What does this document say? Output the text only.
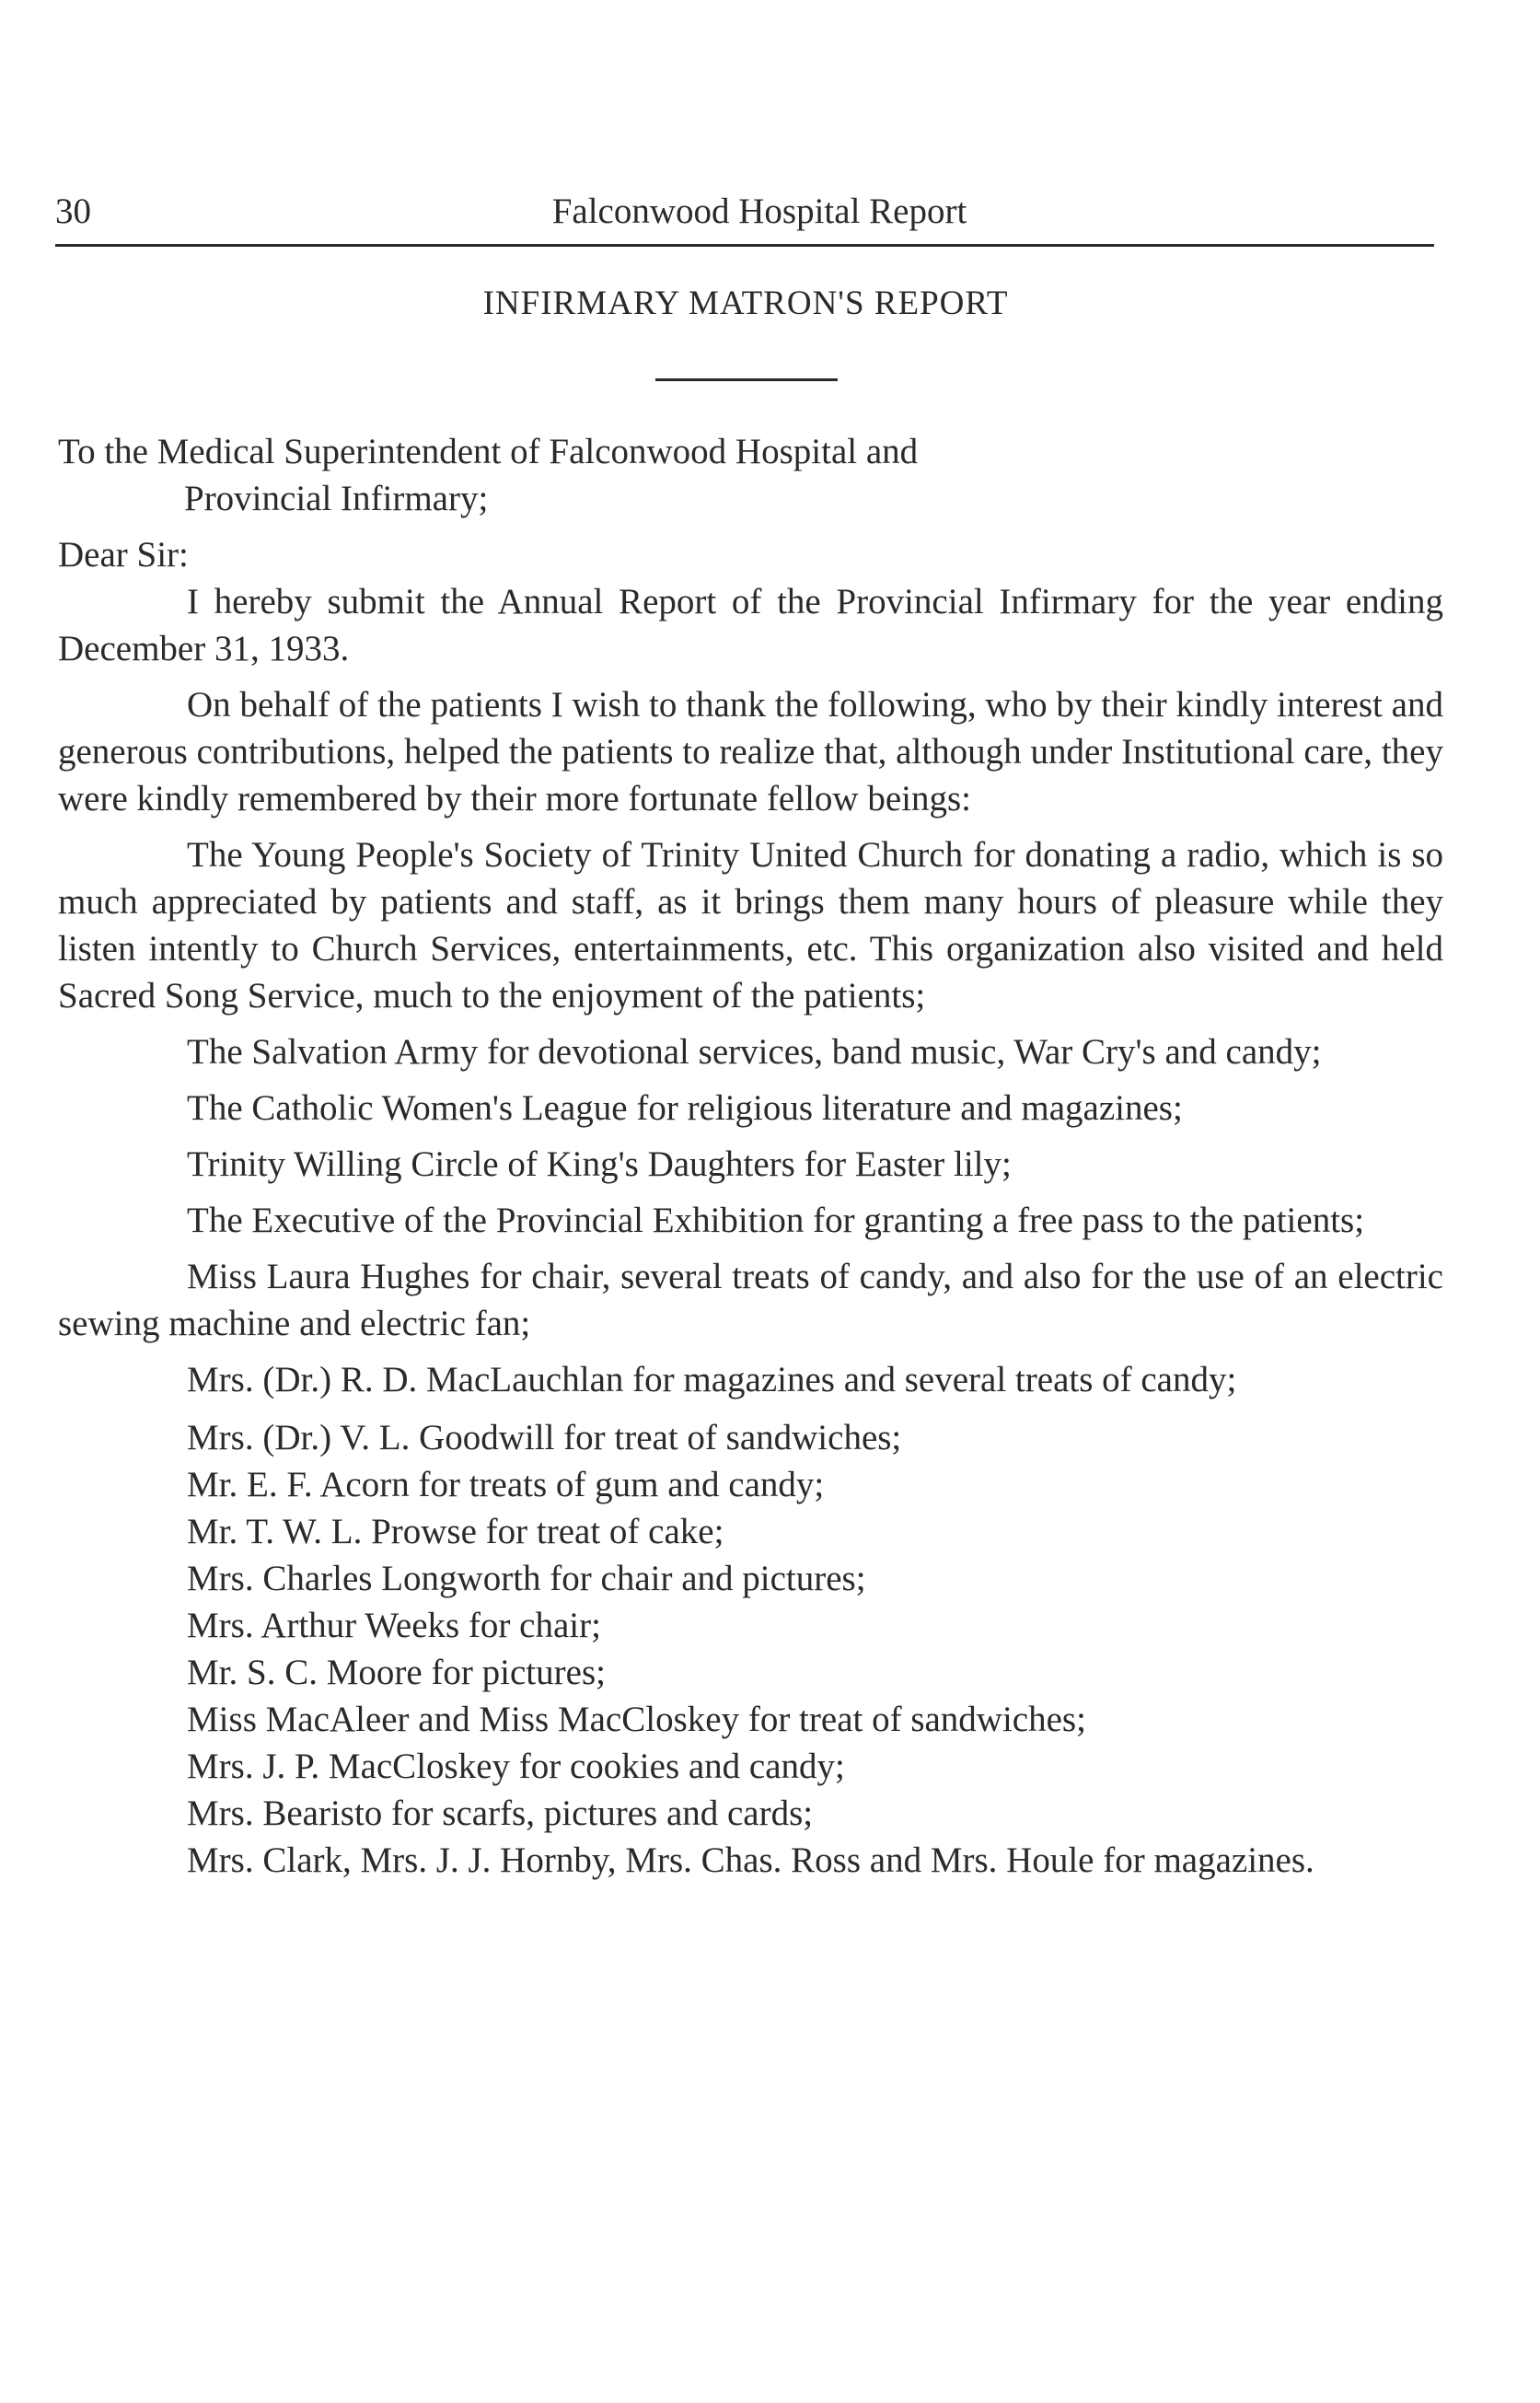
30	Falconwood Hospital Report
INFIRMARY MATRON'S REPORT

To the Medical Superintendent of Falconwood Hospital and

Provincial Infirmary;

Dear Sir:

I hereby submit the Annual Report of the Provincial Infirmary for the year ending December 31, 1933.

On behalf of the patients I wish to thank the following, who by their kindly interest and generous contributions, helped the patients to realize that, although under Institutional care, they were kindly remembered by their more fortunate fellow beings:

The Young People's Society of Trinity United Church for donating a radio, which is so much appreciated by patients and staff, as it brings them many hours of pleasure while they listen intently to Church Services, entertainments, etc. This organization also visited and held Sacred Song Service, much to the enjoyment of the patients;

The Salvation Army for devotional services, band music, War Cry's and candy;

The Catholic Women's League for religious literature and magazines;

Trinity Willing Circle of King's Daughters for Easter lily;

The Executive of the Provincial Exhibition for granting a free pass to the patients;

Miss Laura Hughes for chair, several treats of candy, and also for the use of an electric sewing machine and electric fan;

Mrs. (Dr.) R. D. MacLauchlan for magazines and several treats of candy;

Mrs. (Dr.) V. L. Goodwill for treat of sandwiches;

Mr. E. F. Acorn for treats of gum and candy;

Mr. T. W. L. Prowse for treat of cake;

Mrs. Charles Longworth for chair and pictures;

Mrs. Arthur Weeks for chair;

Mr. S. C. Moore for pictures;

Miss MacAleer and Miss MacCloskey for treat of sandwiches;

Mrs. J. P. MacCloskey for cookies and candy;

Mrs. Bearisto for scarfs, pictures and cards;

Mrs. Clark, Mrs. J. J. Hornby, Mrs. Chas. Ross and Mrs. Houle for magazines.
